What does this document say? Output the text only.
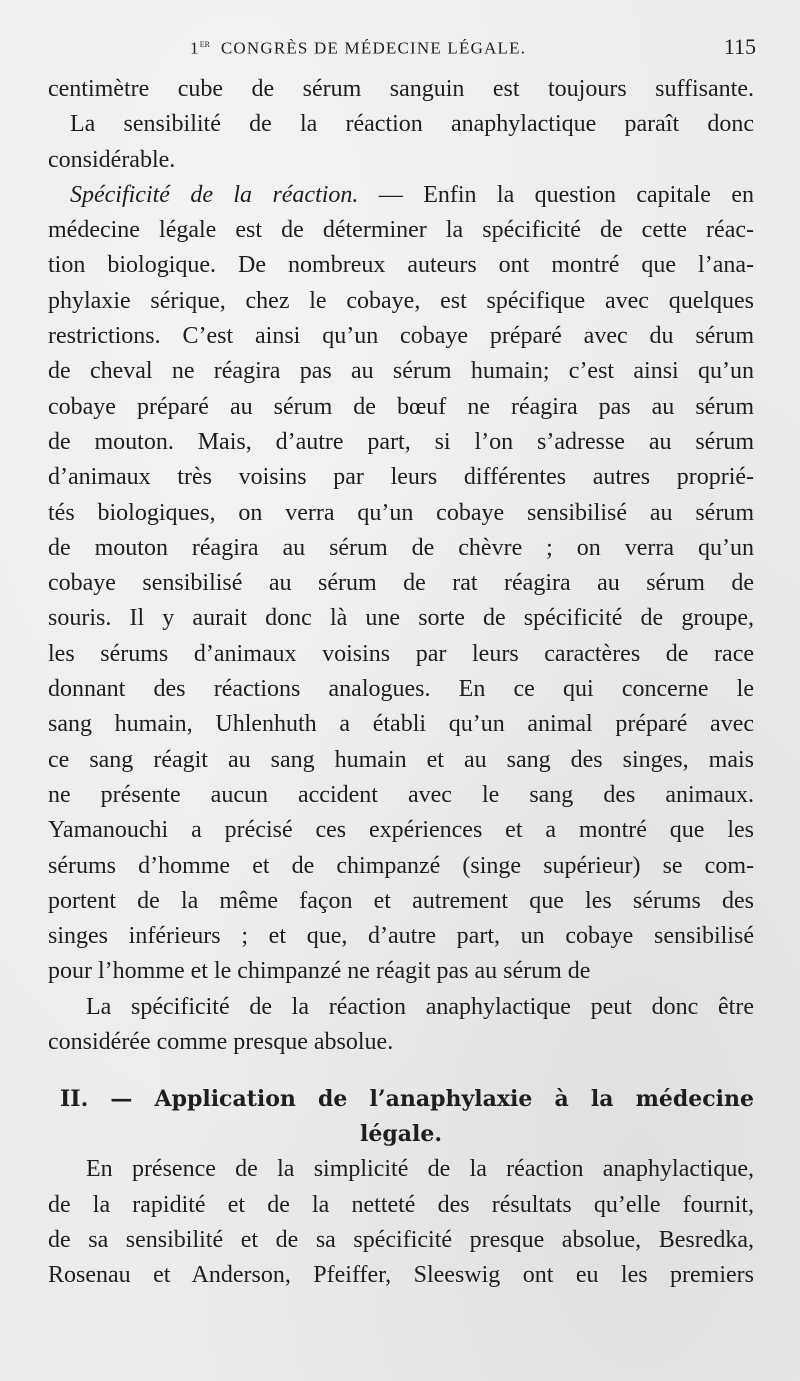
1er CONGRÈS DE MÉDECINE LÉGALE.	115
centimètre cube de sérum sanguin est toujours suffisante.
La sensibilité de la réaction anaphylactique paraît donc
considérable.
Spécificité de la réaction. — Enfin la question capitale en
médecine légale est de déterminer la spécificité de cette réac-
tion biologique. De nombreux auteurs ont montré que l’ana-
phylaxie sérique, chez le cobaye, est spécifique avec quelques
restrictions. C’est ainsi qu’un cobaye préparé avec du sérum
de cheval ne réagira pas au sérum humain; c’est ainsi qu’un
cobaye préparé au sérum de bœuf ne réagira pas au sérum
de mouton. Mais, d’autre part, si l’on s’adresse au sérum
d’animaux très voisins par leurs différentes autres proprié-
tés biologiques, on verra qu’un cobaye sensibilisé au sérum
de mouton réagira au sérum de chèvre ; on verra qu’un
cobaye sensibilisé au sérum de rat réagira au sérum de
souris. Il y aurait donc là une sorte de spécificité de groupe,
les sérums d’animaux voisins par leurs caractères de race
donnant des réactions analogues. En ce qui concerne le
sang humain, Uhlenhuth a établi qu’un animal préparé avec
ce sang réagit au sang humain et au sang des singes, mais
ne présente aucun accident avec le sang des animaux.
Yamanouchi a précisé ces expériences et a montré que les
sérums d’homme et de chimpanzé (singe supérieur) se com-
portent de la même façon et autrement que les sérums des
singes inférieurs ; et que, d’autre part, un cobaye sensibilisé
pour l’homme et le chimpanzé ne réagit pas au sérum de
La spécificité de la réaction anaphylactique peut donc être
considérée comme presque absolue.
II. — Application de l’anaphylaxie à la médecine
légale.
En présence de la simplicité de la réaction anaphylactique,
de la rapidité et de la netteté des résultats qu’elle fournit,
de sa sensibilité et de sa spécificité presque absolue, Besredka,
Rosenau et Anderson, Pfeiffer, Sleeswig ont eu les premiers
